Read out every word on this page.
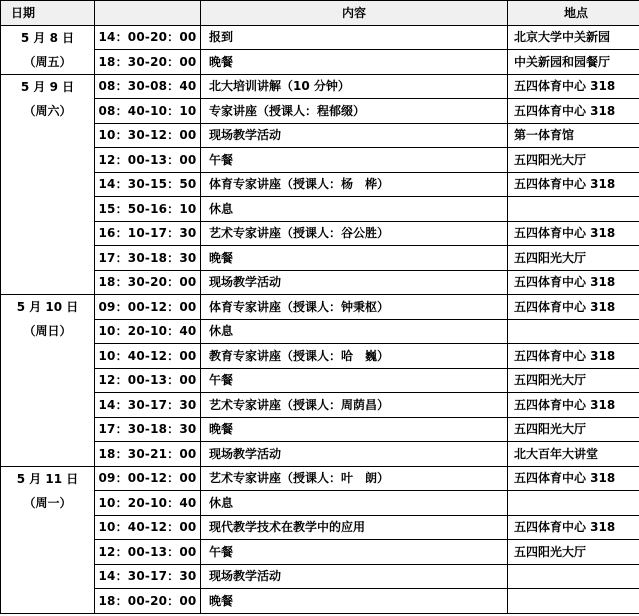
日期		内容	地点

5 月 8 日
（周五）	14：00-20：00	报到	北京大学中关新园
	18：30-20：00	晚餐	中关新园和园餐厅

5 月 9 日
（周六）	08：30-08：40	北大培训讲解（10 分钟）	五四体育中心 318
	08：40-10：10	专家讲座（授课人：程郁缀）	五四体育中心 318
	10：30-12：00	现场教学活动	第一体育馆
	12：00-13：00	午餐	五四阳光大厅
	14：30-15：50	体育专家讲座（授课人：杨　桦）	五四体育中心 318
	15：50-16：10	休息	
	16：10-17：30	艺术专家讲座（授课人：谷公胜）	五四体育中心 318
	17：30-18：30	晚餐	五四阳光大厅
	18：30-20：00	现场教学活动	五四体育中心 318

5 月 10 日
（周日）	09：00-12：00	体育专家讲座（授课人：钟秉枢）	五四体育中心 318
	10：20-10：40	休息	
	10：40-12：00	教育专家讲座（授课人：哈　巍）	五四体育中心 318
	12：00-13：00	午餐	五四阳光大厅
	14：30-17：30	艺术专家讲座（授课人：周荫昌）	五四体育中心 318
	17：30-18：30	晚餐	五四阳光大厅
	18：30-21：00	现场教学活动	北大百年大讲堂

5 月 11 日
（周一）	09：00-12：00	艺术专家讲座（授课人：叶　朗）	五四体育中心 318
	10：20-10：40	休息	
	10：40-12：00	现代教学技术在教学中的应用	五四体育中心 318
	12：00-13：00	午餐	五四阳光大厅
	14：30-17：30	现场教学活动	
	18：00-20：00	晚餐	
